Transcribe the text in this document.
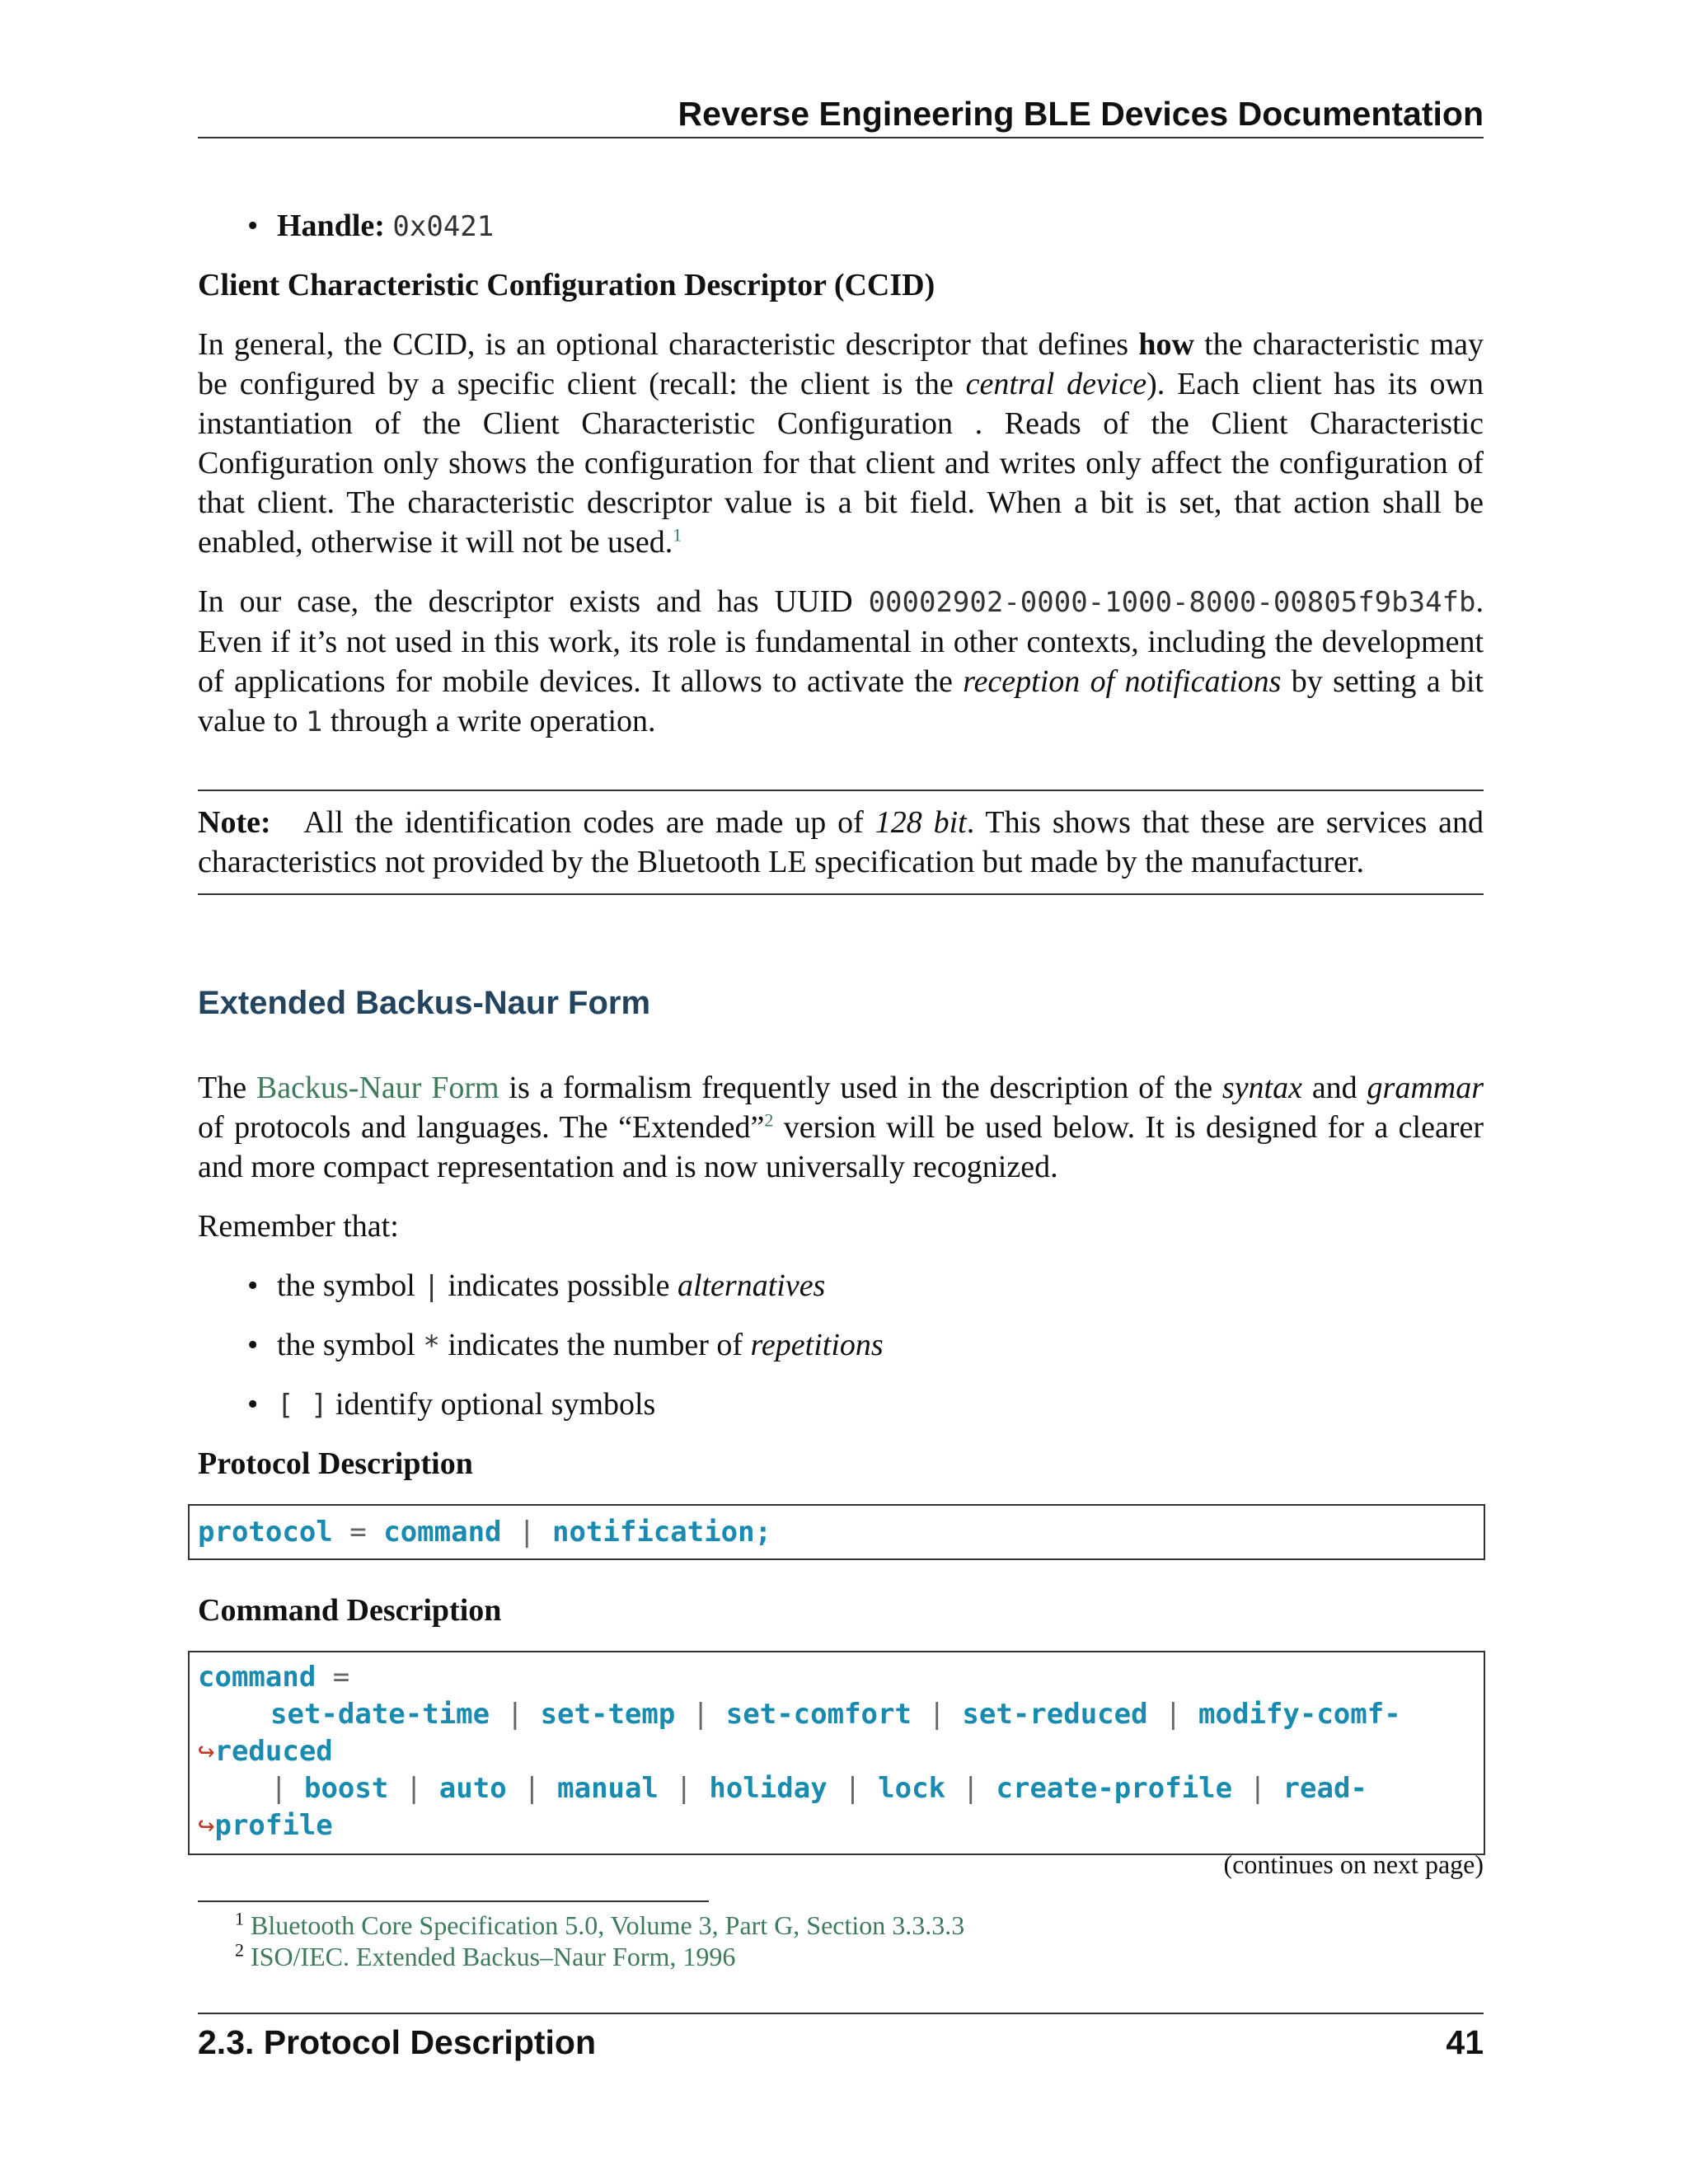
Reverse Engineering BLE Devices Documentation
• Handle: 0x0421
Client Characteristic Configuration Descriptor (CCID)
In general, the CCID, is an optional characteristic descriptor that defines how the characteristic may be configured by a specific client (recall: the client is the central device). Each client has its own instantiation of the Client Characteristic Configuration . Reads of the Client Characteristic Configuration only shows the configuration for that client and writes only affect the configuration of that client. The characteristic descriptor value is a bit field. When a bit is set, that action shall be enabled, otherwise it will not be used.$^1$
In our case, the descriptor exists and has UUID 00002902-0000-1000-8000-00805f9b34fb. Even if it’s not used in this work, its role is fundamental in other contexts, including the development of applications for mobile devices. It allows to activate the reception of notifications by setting a bit value to 1 through a write operation.
Note: All the identification codes are made up of 128 bit. This shows that these are services and characteristics not provided by the Bluetooth LE specification but made by the manufacturer.
Extended Backus-Naur Form
The Backus-Naur Form is a formalism frequently used in the description of the syntax and grammar of protocols and languages. The “Extended”$^2$ version will be used below. It is designed for a clearer and more compact representation and is now universally recognized.
Remember that:
• the symbol | indicates possible alternatives
• the symbol * indicates the number of repetitions
• [ ] identify optional symbols
Protocol Description
protocol = command | notification;
Command Description
command =
set-date-time | set-temp | set-comfort | set-reduced | modify-comf-
↪reduced
| boost | auto | manual | holiday | lock | create-profile | read-
↪profile
(continues on next page)
$^1$ Bluetooth Core Specification 5.0, Volume 3, Part G, Section 3.3.3.3
$^2$ ISO/IEC. Extended Backus–Naur Form, 1996
2.3. Protocol Description	41
